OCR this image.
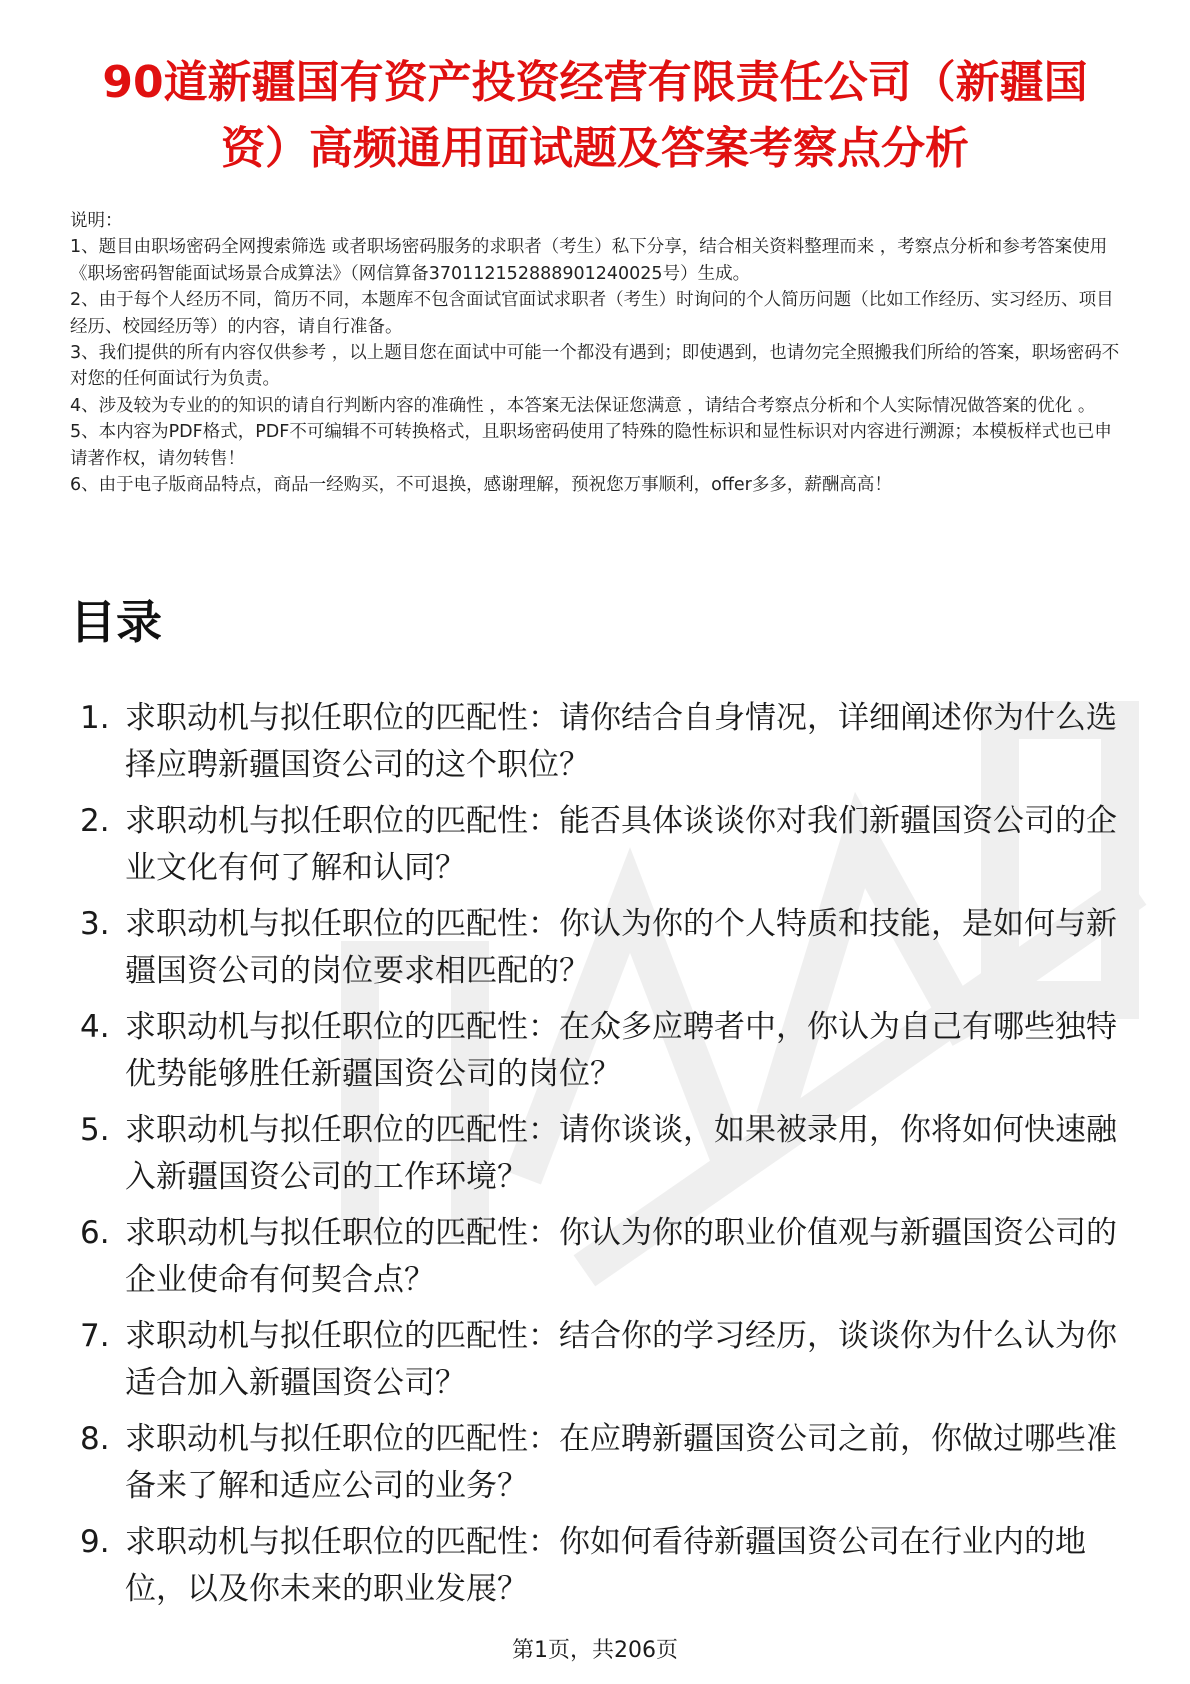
90道新疆国有资产投资经营有限责任公司（新疆国资）高频通用面试题及答案考察点分析

说明：

1、题目由职场密码全网搜索筛选 或者职场密码服务的求职者（考生）私下分享，结合相关资料整理而来 ，考察点分析和参考答案使用《职场密码智能面试场景合成算法》（网信算备370112152888901240025号）生成。

2、由于每个人经历不同，简历不同，本题库不包含面试官面试求职者（考生）时询问的个人简历问题（比如工作经历、实习经历、项目经历、校园经历等）的内容，请自行准备。

3、我们提供的所有内容仅供参考 ，以上题目您在面试中可能一个都没有遇到；即使遇到，也请勿完全照搬我们所给的答案，职场密码不对您的任何面试行为负责。

4、涉及较为专业的的知识的请自行判断内容的准确性 ，本答案无法保证您满意 ，请结合考察点分析和个人实际情况做答案的优化 。

5、本内容为PDF格式，PDF不可编辑不可转换格式，且职场密码使用了特殊的隐性标识和显性标识对内容进行溯源；本模板样式也已申请著作权，请勿转售！

6、由于电子版商品特点，商品一经购买，不可退换，感谢理解，预祝您万事顺利，offer多多，薪酬高高！

目录
1. 求职动机与拟任职位的匹配性：请你结合自身情况，详细阐述你为什么选择应聘新疆国资公司的这个职位？
2. 求职动机与拟任职位的匹配性：能否具体谈谈你对我们新疆国资公司的企业文化有何了解和认同？
3. 求职动机与拟任职位的匹配性：你认为你的个人特质和技能，是如何与新疆国资公司的岗位要求相匹配的？
4. 求职动机与拟任职位的匹配性：在众多应聘者中，你认为自己有哪些独特优势能够胜任新疆国资公司的岗位？
5. 求职动机与拟任职位的匹配性：请你谈谈，如果被录用，你将如何快速融入新疆国资公司的工作环境？
6. 求职动机与拟任职位的匹配性：你认为你的职业价值观与新疆国资公司的企业使命有何契合点？
7. 求职动机与拟任职位的匹配性：结合你的学习经历，谈谈你为什么认为你适合加入新疆国资公司？
8. 求职动机与拟任职位的匹配性：在应聘新疆国资公司之前，你做过哪些准备来了解和适应公司的业务？
9. 求职动机与拟任职位的匹配性：你如何看待新疆国资公司在行业内的地位，以及你未来的职业发展？
第1页，共206页
